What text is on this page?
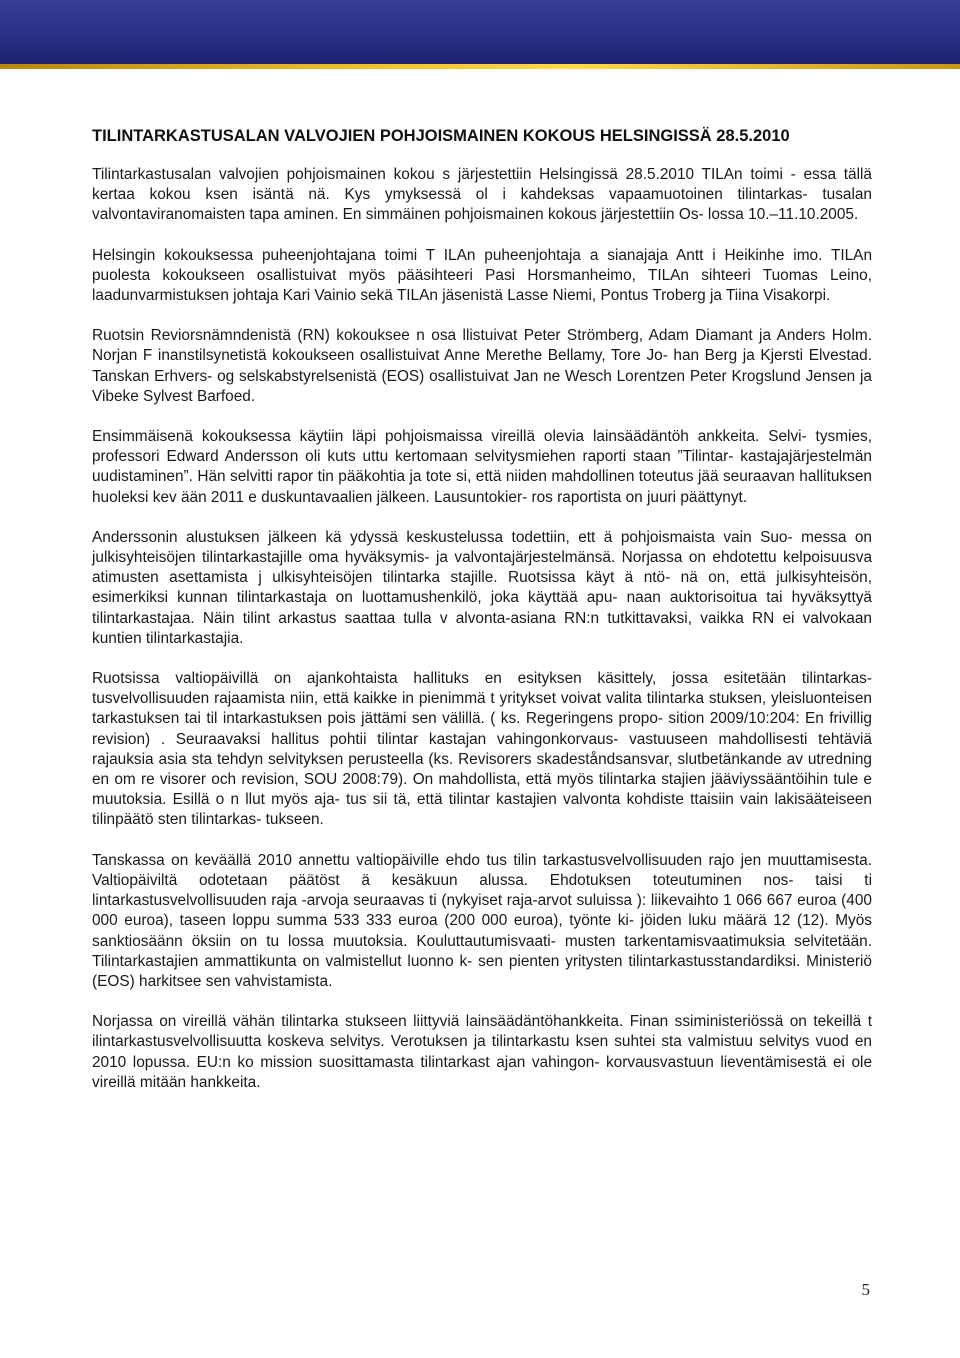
TILINTARKASTUSALAN VALVOJIEN POHJOISMAINEN KOKOUS HELSINGISSÄ 28.5.2010

Tilintarkastusalan valvojien pohjoismainen kokou s järjestettiin Helsingissä 28.5.2010 TILAn toimi - essa tällä kertaa kokou ksen isäntä nä. Kys ymyksessä ol i kahdeksas vapaamuotoinen tilintarkas- tusalan valvontaviranomaisten tapa aminen. En simmäinen pohjoismainen kokous järjestettiin Os- lossa 10.–11.10.2005.

Helsingin kokouksessa puheenjohtajana toimi T ILAn puheenjohtaja a sianajaja Antt i Heikinhe imo. TILAn puolesta kokoukseen osallistuivat myös pääsihteeri Pasi Horsmanheimo, TILAn sihteeri Tuomas Leino, laadunvarmistuksen johtaja Kari Vainio sekä TILAn jäsenistä Lasse Niemi, Pontus Troberg ja Tiina Visakorpi.

Ruotsin Reviorsnämndenistä (RN) kokouksee n osa llistuivat Peter Strömberg, Adam Diamant ja Anders Holm. Norjan F inanstilsynetistä kokoukseen osallistuivat Anne Merethe Bellamy, Tore Jo- han Berg ja Kjersti Elvestad. Tanskan Erhvers- og selskabstyrelsenistä (EOS) osallistuivat Jan ne Wesch Lorentzen Peter Krogslund Jensen ja Vibeke Sylvest Barfoed.

Ensimmäisenä kokouksessa käytiin läpi pohjoismaissa vireillä olevia lainsäädäntöh ankkeita. Selvi- tysmies, professori Edward Andersson oli kuts uttu kertomaan selvitysmiehen raporti staan ”Tilintar- kastajajärjestelmän uudistaminen”. Hän selvitti rapor tin pääkohtia ja tote si, että niiden mahdollinen toteutus jää seuraavan hallituksen huoleksi kev ään 2011 e duskuntavaalien jälkeen. Lausuntokier- ros raportista on juuri päättynyt.

Anderssonin alustuksen jälkeen kä ydyssä keskustelussa todettiin, ett ä pohjoismaista vain Suo- messa on julkisyhteisöjen tilintarkastajille oma hyväksymis- ja valvontajärjestelmänsä. Norjassa on ehdotettu kelpoisuusva atimusten asettamista j ulkisyhteisöjen tilintarka stajille. Ruotsissa käyt ä ntö- nä on, että julkisyhteisön, esimerkiksi kunnan tilintarkastaja on luottamushenkilö, joka käyttää apu- naan auktorisoitua tai hyväksyttyä tilintarkastajaa. Näin tilint arkastus saattaa tulla v alvonta-asiana RN:n tutkittavaksi, vaikka RN ei valvokaan kuntien tilintarkastajia.

Ruotsissa valtiopäivillä on ajankohtaista hallituks en esityksen käsittely, jossa esitetään tilintarkas- tusvelvollisuuden rajaamista niin, että kaikke in pienimmä t yritykset voivat valita tilintarka stuksen, yleisluonteisen tarkastuksen tai til intarkastuksen pois jättämi sen välillä. ( ks. Regeringens propo- sition 2009/10:204: En frivillig revision) . Seuraavaksi hallitus pohtii tilintar kastajan vahingonkorvaus- vastuuseen mahdollisesti tehtäviä rajauksia asia sta tehdyn selvityksen perusteella (ks. Revisorers skadeståndsansvar, slutbetänkande av utredning en om re visorer och revision, SOU 2008:79). On mahdollista, että myös tilintarka stajien jääviyssääntöihin tule e muutoksia. Esillä o n llut myös aja- tus sii tä, että tilintar kastajien valvonta kohdiste ttaisiin vain lakisääteiseen tilinpäätö sten tilintarkas- tukseen.

Tanskassa on keväällä 2010 annettu valtiopäiville ehdo tus tilin tarkastusvelvollisuuden rajo jen muuttamisesta. Valtiopäiviltä odotetaan päätöst ä kesäkuun alussa. Ehdotuksen toteutuminen nos- taisi ti lintarkastusvelvollisuuden raja -arvoja seuraavas ti (nykyiset raja-arvot suluissa ): liikevaihto 1 066 667 euroa (400 000 euroa), taseen loppu summa 533 333 euroa (200 000 euroa), työnte ki- jöiden luku määrä 12 (12). Myös sanktiosäänn öksiin on tu lossa muutoksia. Kouluttautumisvaati- musten tarkentamisvaatimuksia selvitetään. Tilintarkastajien ammattikunta on valmistellut luonno k- sen pienten yritysten tilintarkastusstandardiksi. Ministeriö (EOS) harkitsee sen vahvistamista.

Norjassa on vireillä vähän tilintarka stukseen liittyviä lainsäädäntöhankkeita. Finan ssiministeriössä on tekeillä t ilintarkastusvelvollisuutta koskeva selvitys. Verotuksen ja tilintarkastu ksen suhtei sta valmistuu selvitys vuod en 2010 lopussa. EU:n ko mission suosittamasta tilintarkast ajan vahingon- korvausvastuun lieventämisestä ei ole vireillä mitään hankkeita.

5
